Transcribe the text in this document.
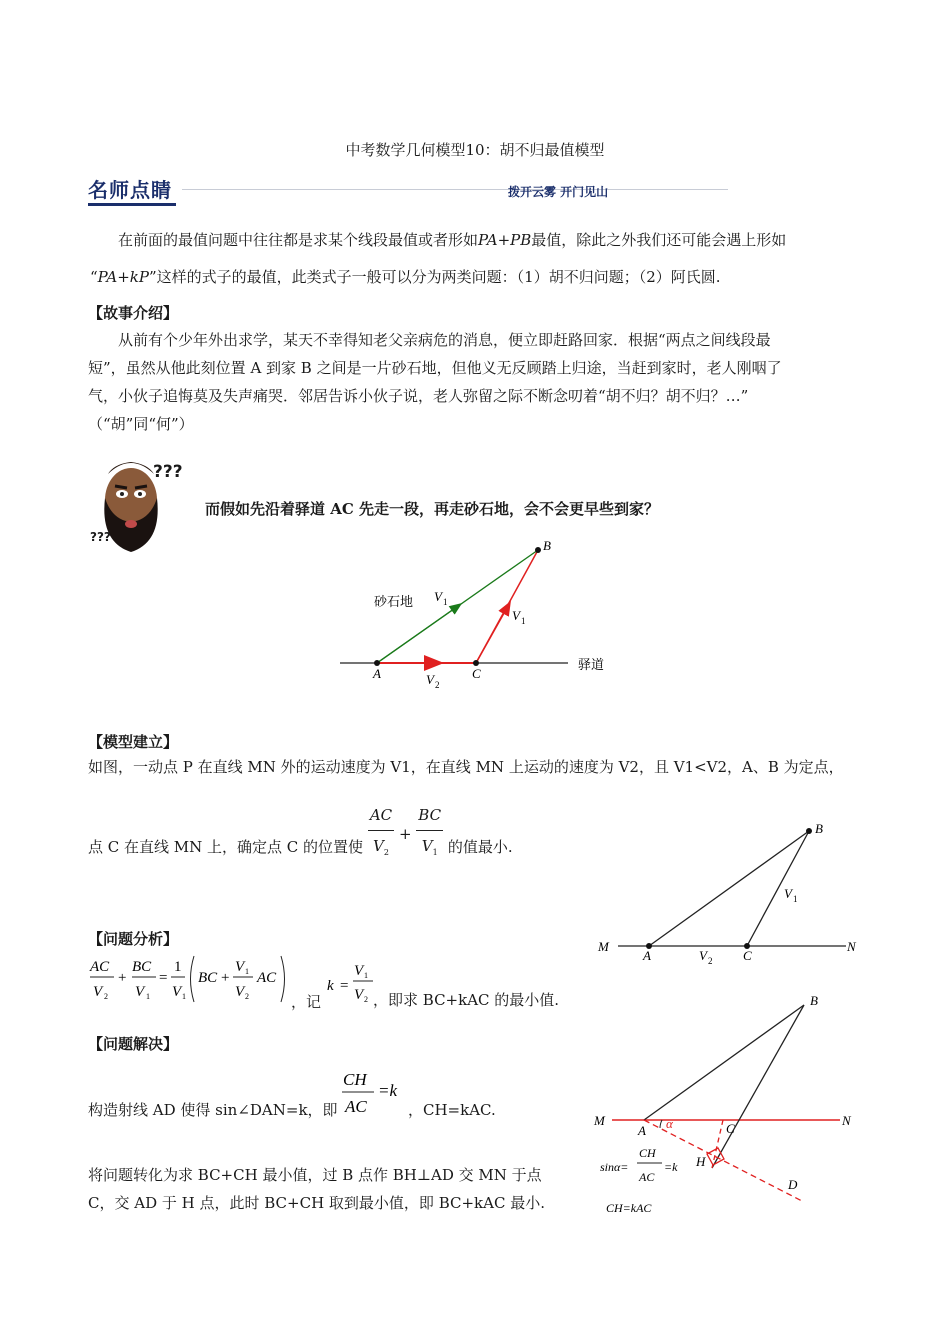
中考数学几何模型10：胡不归最值模型
名师点睛	拨开云雾 开门见山
在前面的最值问题中往往都是求某个线段最值或者形如PA+PB最值，除此之外我们还可能会遇上形如
“PA+kP”这样的式子的最值，此类式子一般可以分为两类问题：（1）胡不归问题；（2）阿氏圆.
【故事介绍】
从前有个少年外出求学，某天不幸得知老父亲病危的消息，便立即赶路回家．根据“两点之间线段最
短”，虽然从他此刻位置 A 到家 B 之间是一片砂石地，但他义无反顾踏上归途，当赶到家时，老人刚咽了
气，小伙子追悔莫及失声痛哭．邻居告诉小伙子说，老人弥留之际不断念叨着“胡不归？胡不归？…”
（“胡”同“何”）
???
???
而假如先沿着驿道 AC 先走一段，再走砂石地，会不会更早些到家？
A	C
B
砂石地
驿道
V 1
V 1
V 2
【模型建立】
如图，一动点 P 在直线 MN 外的运动速度为 V1，在直线 MN 上运动的速度为 V2，且 V1<V2，A、B 为定点，
点 C 在直线 MN 上，确定点 C 的位置使 $\frac{AC}{V_2} + \frac{BC}{V_1}$ 的值最小.
M	N
A	C
B
V 1
V 2
【问题分析】
AC
V 2
+
BC
V 1
=
1
V 1
BC +
V 1
V 2
AC
，记
k =
V 1
V 2 ，即求 BC+kAC 的最小值.
【问题解决】
构造射线 AD 使得 sin∠DAN=k，即
CH
AC
=k
，CH=kAC.
将问题转化为求 BC+CH 最小值，过 B 点作 BH⊥AD 交 MN 于点
C，交 AD 于 H 点，此时 BC+CH 取到最小值，即 BC+kAC 最小.
A	C
B
M	N
H
D
α
sinα=
CH
AC
=k
CH=kAC
